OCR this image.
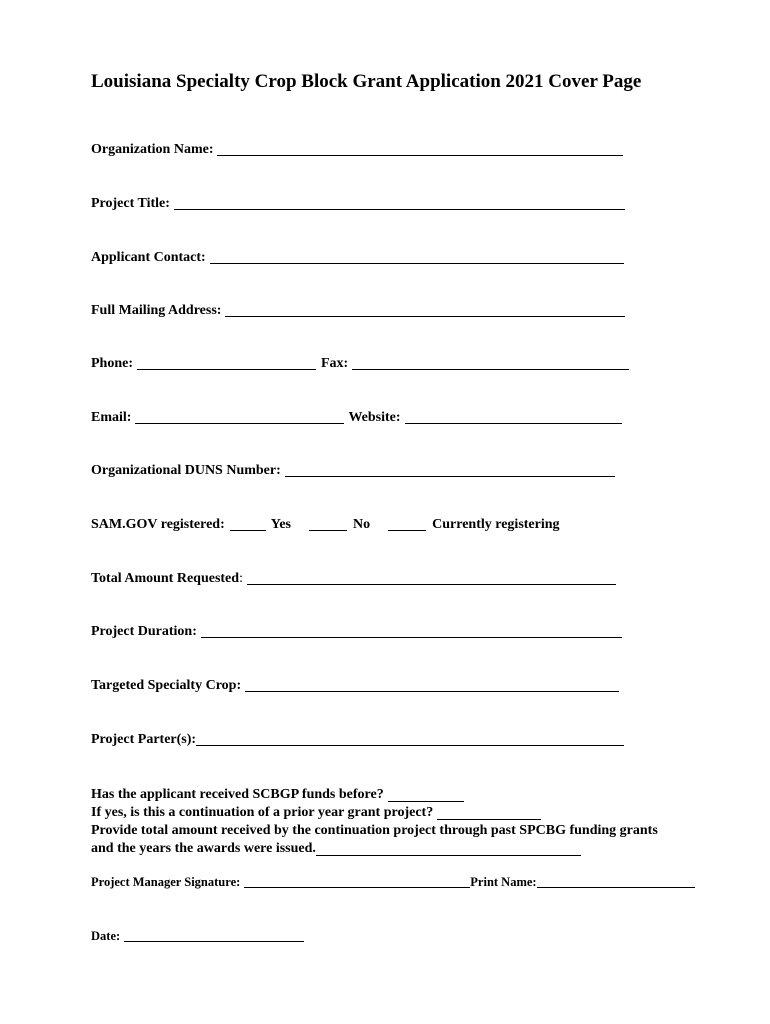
Louisiana Specialty Crop Block Grant Application 2021 Cover Page
Organization Name:
Project Title:
Applicant Contact:
Full Mailing Address:
Phone:	Fax:
Email:	Website:
Organizational DUNS Number:
SAM.GOV registered:	Yes	No	Currently registering
Total Amount Requested :
Project Duration:
Targeted Specialty Crop:
Project Parter(s):
Has the applicant received SCBGP funds before?
If yes, is this a continuation of a prior year grant project?
Provide total amount received by the continuation project through past SPCBG funding grants
and the years the awards were issued.
Project Manager Signature:	Print Name:
Date:
